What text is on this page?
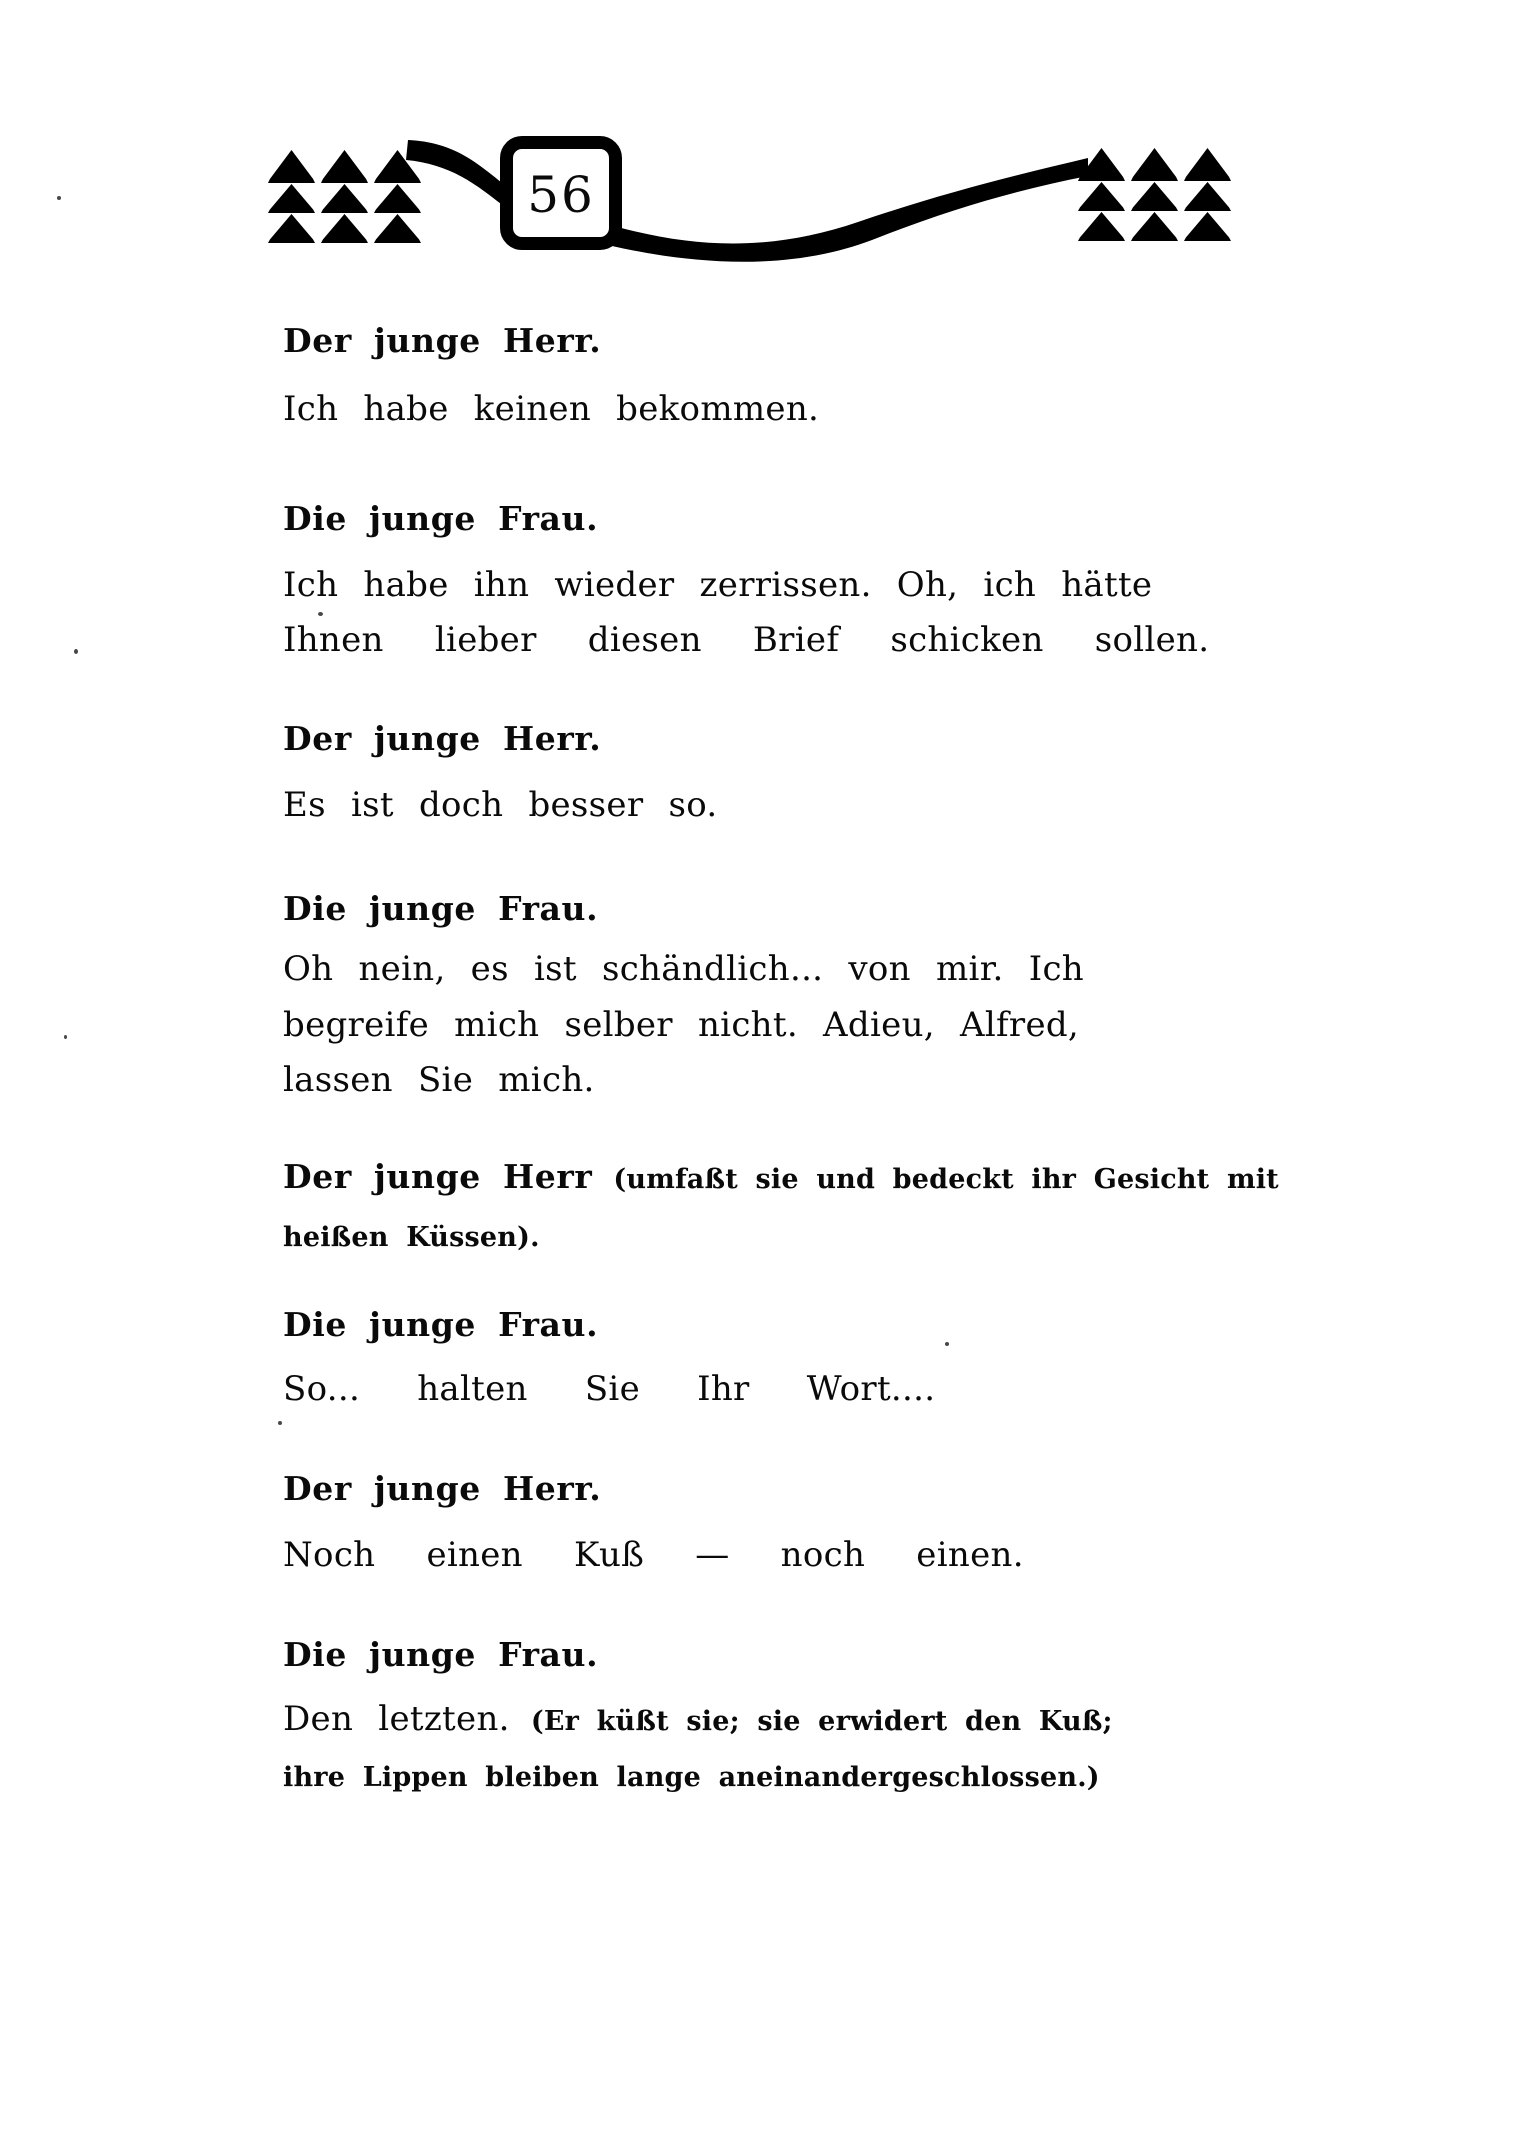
56

Der junge Herr.

Ich habe keinen bekommen.

Die junge Frau.

Ich habe ihn wieder zerrissen. Oh, ich hätte

Ihnen lieber diesen Brief schicken sollen.

Der junge Herr.

Es ist doch besser so.

Die junge Frau.

Oh nein, es ist schändlich... von mir. Ich

begreife mich selber nicht. Adieu, Alfred,

lassen Sie mich.

Der junge Herr (umfaßt sie und bedeckt ihr Gesicht mit

heißen Küssen).

Die junge Frau.

So... halten Sie Ihr Wort....

Der junge Herr.

Noch einen Kuß — noch einen.

Die junge Frau.

Den letzten. (Er küßt sie; sie erwidert den Kuß;

ihre Lippen bleiben lange aneinandergeschlossen.)
